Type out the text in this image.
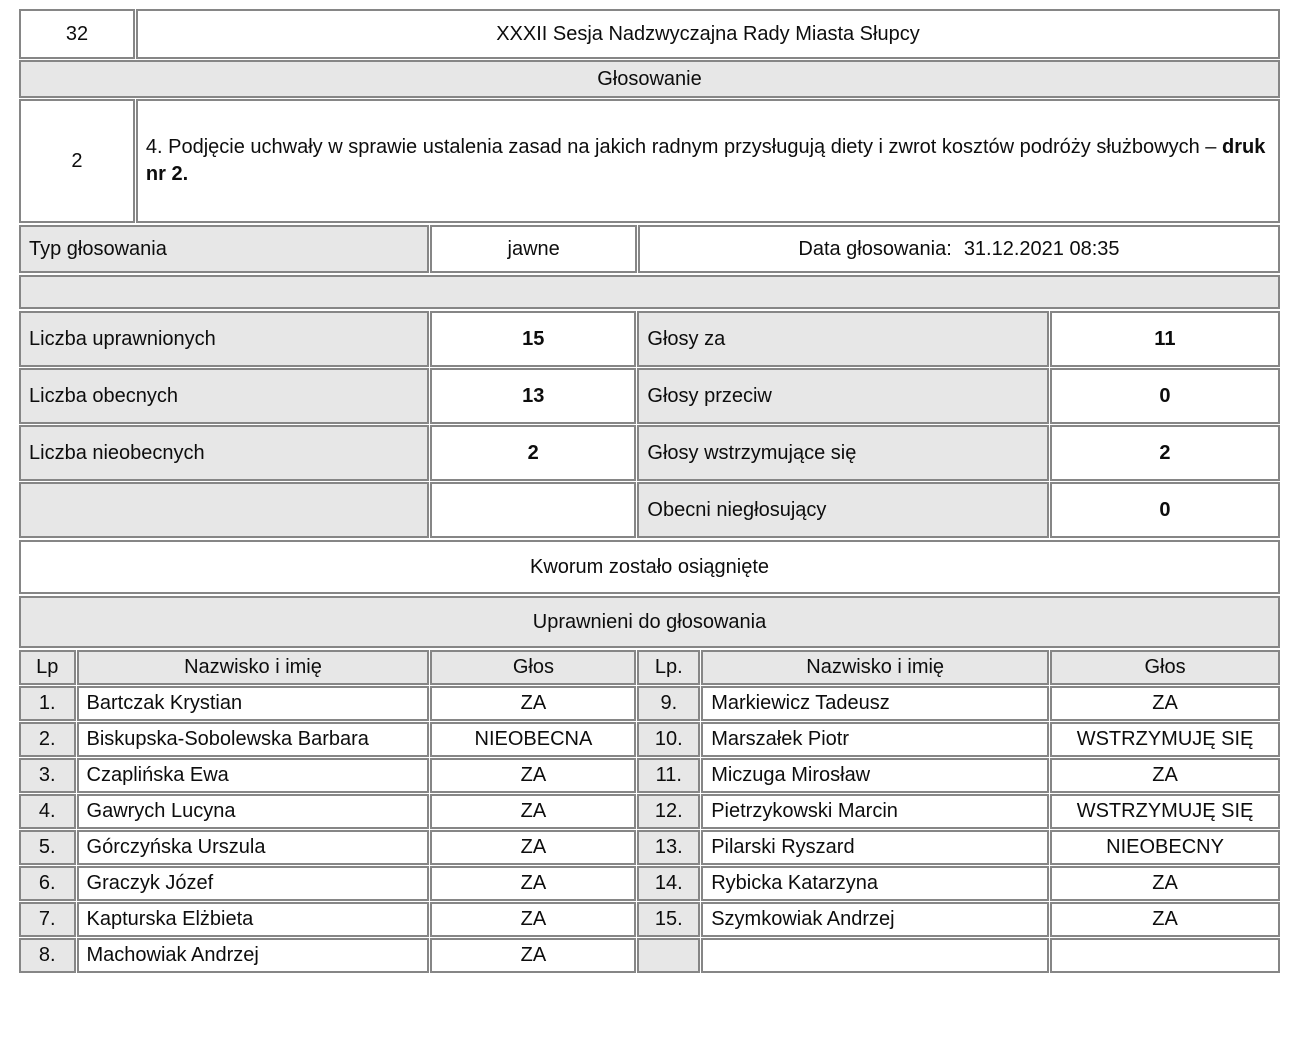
32	XXXII Sesja Nadzwyczajna Rady Miasta Słupcy
Głosowanie	
2	4. Podjęcie uchwały w sprawie ustalenia zasad na jakich radnym przysługują diety i zwrot kosztów podróży służbowych – druk nr 2.
Typ głosowania	jawne	Data głosowania: 31.12.2021 08:35
Liczba uprawnionych	15	Głosy za	11
Liczba obecnych	13	Głosy przeciw	0
Liczba nieobecnych	2	Głosy wstrzymujące się	2
		Obecni niegłosujący	0
Kworum zostało osiągnięte
Uprawnieni do głosowania
Lp	Nazwisko i imię	Głos	Lp.	Nazwisko i imię	Głos
1.	Bartczak Krystian	ZA	9.	Markiewicz Tadeusz	ZA
2.	Biskupska-Sobolewska Barbara	NIEOBECNA	10.	Marszałek Piotr	WSTRZYMUJĘ SIĘ
3.	Czaplińska Ewa	ZA	11.	Miczuga Mirosław	ZA
4.	Gawrych Lucyna	ZA	12.	Pietrzykowski Marcin	WSTRZYMUJĘ SIĘ
5.	Górczyńska Urszula	ZA	13.	Pilarski Ryszard	NIEOBECNY
6.	Graczyk Józef	ZA	14.	Rybicka Katarzyna	ZA
7.	Kapturska Elżbieta	ZA	15.	Szymkowiak Andrzej	ZA
8.	Machowiak Andrzej	ZA			
